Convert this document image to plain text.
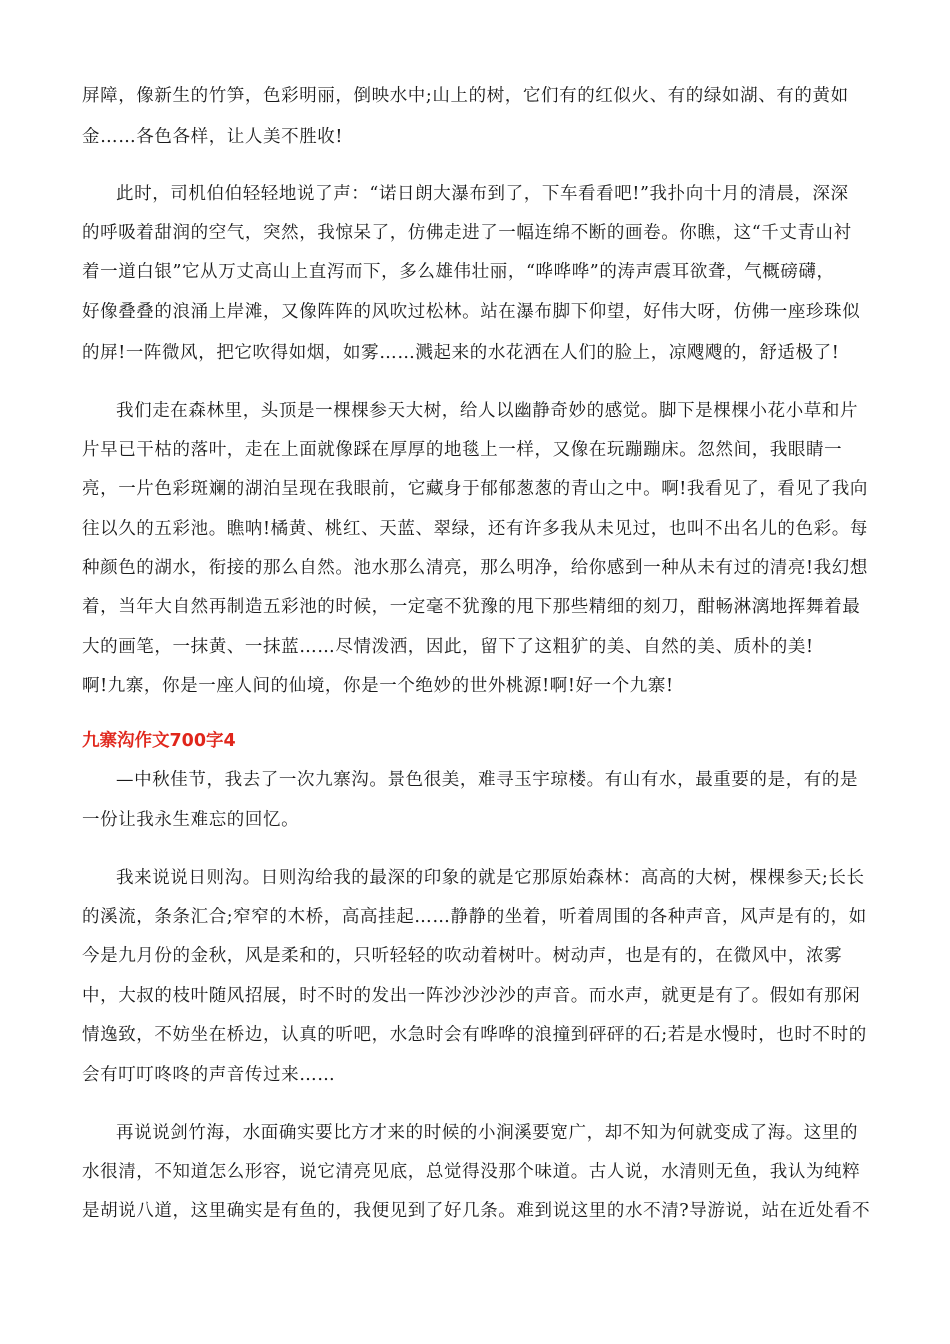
屏障，像新生的竹笋，色彩明丽，倒映水中;山上的树，它们有的红似火、有的绿如湖、有的黄如

金……各色各样，让人美不胜收!

此时，司机伯伯轻轻地说了声：“诺日朗大瀑布到了，下车看看吧!”我扑向十月的清晨，深深

的呼吸着甜润的空气，突然，我惊呆了，仿佛走进了一幅连绵不断的画卷。你瞧，这“千丈青山衬

着一道白银”它从万丈高山上直泻而下，多么雄伟壮丽，“哗哗哗”的涛声震耳欲聋，气概磅礴，

好像叠叠的浪涌上岸滩，又像阵阵的风吹过松林。站在瀑布脚下仰望，好伟大呀，仿佛一座珍珠似

的屏!一阵微风，把它吹得如烟，如雾……溅起来的水花洒在人们的脸上，凉飕飕的，舒适极了!

我们走在森林里，头顶是一棵棵参天大树，给人以幽静奇妙的感觉。脚下是棵棵小花小草和片

片早已干枯的落叶，走在上面就像踩在厚厚的地毯上一样，又像在玩蹦蹦床。忽然间，我眼睛一

亮，一片色彩斑斓的湖泊呈现在我眼前，它藏身于郁郁葱葱的青山之中。啊!我看见了，看见了我向

往以久的五彩池。瞧呐!橘黄、桃红、天蓝、翠绿，还有许多我从未见过，也叫不出名儿的色彩。每

种颜色的湖水，衔接的那么自然。池水那么清亮，那么明净，给你感到一种从未有过的清亮!我幻想

着，当年大自然再制造五彩池的时候，一定毫不犹豫的甩下那些精细的刻刀，酣畅淋漓地挥舞着最

大的画笔，一抹黄、一抹蓝……尽情泼洒，因此，留下了这粗犷的美、自然的美、质朴的美!

啊!九寨，你是一座人间的仙境，你是一个绝妙的世外桃源!啊!好一个九寨!

九寨沟作文700字4

—中秋佳节，我去了一次九寨沟。景色很美，难寻玉宇琼楼。有山有水，最重要的是，有的是

一份让我永生难忘的回忆。

我来说说日则沟。日则沟给我的最深的印象的就是它那原始森林：高高的大树，棵棵参天;长长

的溪流，条条汇合;窄窄的木桥，高高挂起……静静的坐着，听着周围的各种声音，风声是有的，如

今是九月份的金秋，风是柔和的，只听轻轻的吹动着树叶。树动声，也是有的，在微风中，浓雾

中，大叔的枝叶随风招展，时不时的发出一阵沙沙沙沙的声音。而水声，就更是有了。假如有那闲

情逸致，不妨坐在桥边，认真的听吧，水急时会有哗哗的浪撞到砰砰的石;若是水慢时，也时不时的

会有叮叮咚咚的声音传过来……

再说说剑竹海，水面确实要比方才来的时候的小涧溪要宽广，却不知为何就变成了海。这里的

水很清，不知道怎么形容，说它清亮见底，总觉得没那个味道。古人说，水清则无鱼，我认为纯粹

是胡说八道，这里确实是有鱼的，我便见到了好几条。难到说这里的水不清?导游说，站在近处看不
